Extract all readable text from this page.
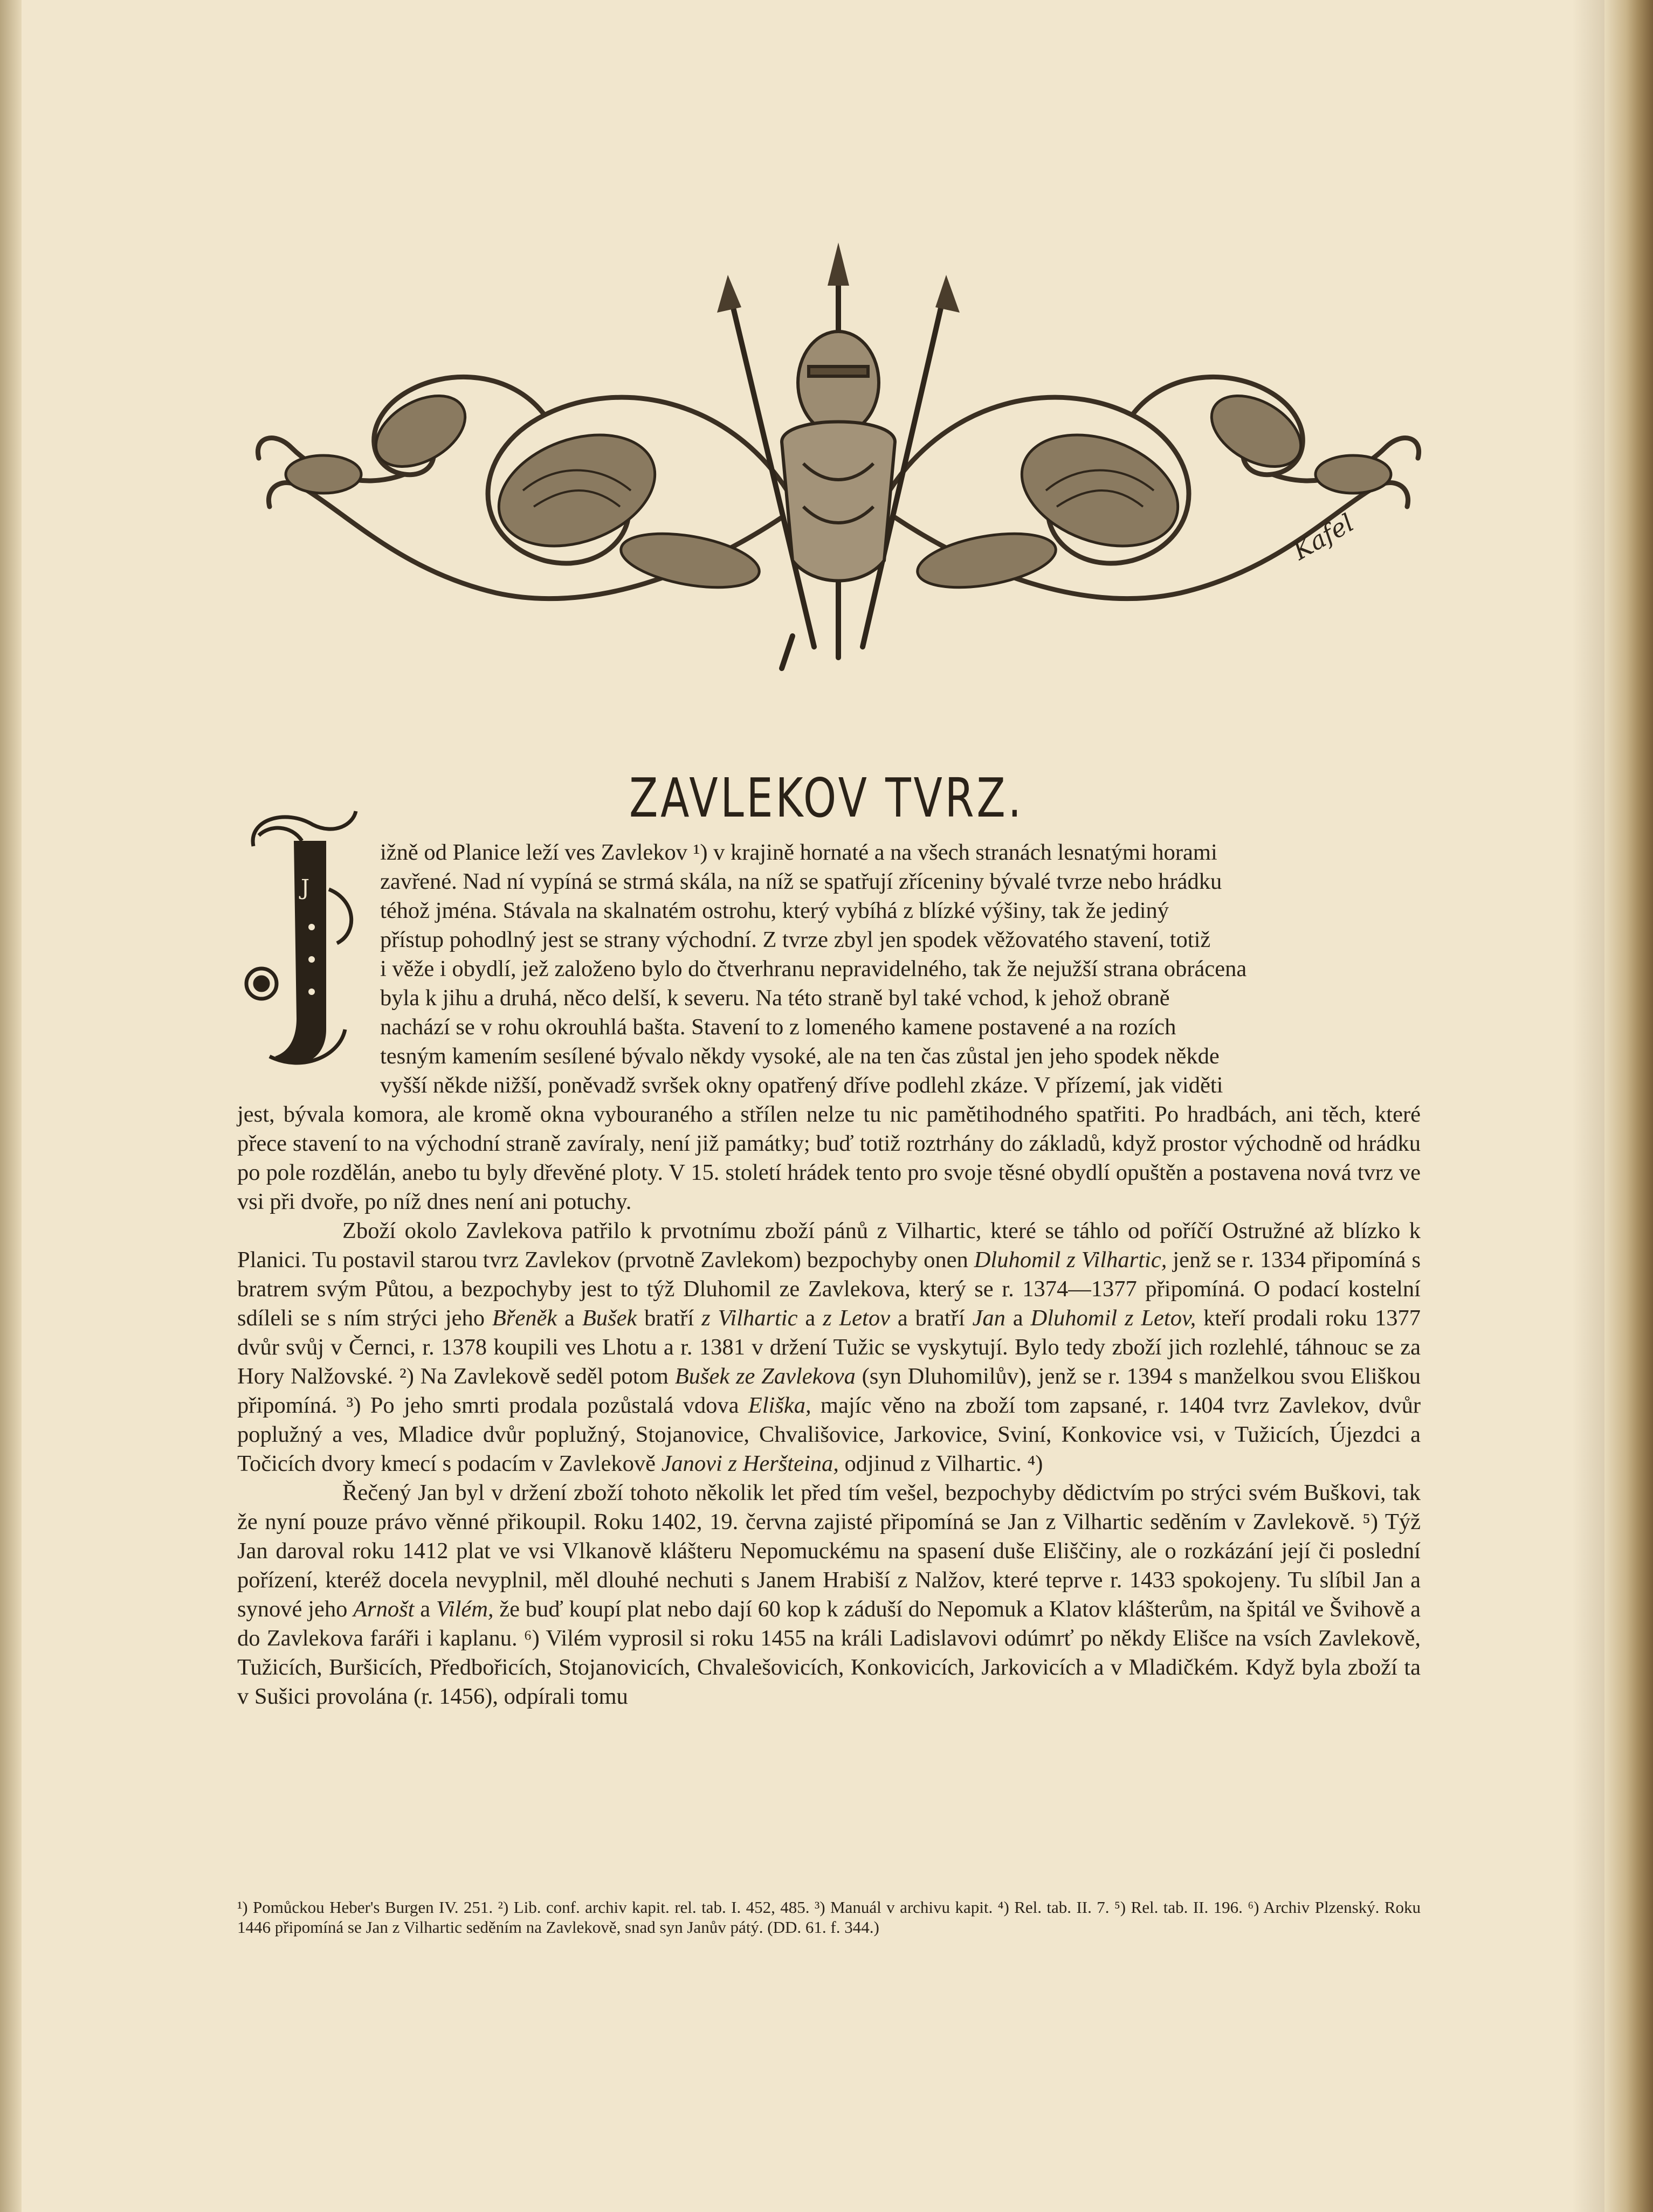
Kafel
ZAVLEKOV TVRZ.
J

ižně od Planice leží ves Zavlekov ¹) v krajině hornaté a na všech stranách lesnatými horami
zavřené. Nad ní vypíná se strmá skála, na níž se spatřují zříceniny bývalé tvrze nebo hrádku
téhož jména. Stávala na skalnatém ostrohu, který vybíhá z blízké výšiny, tak že jediný
přístup pohodlný jest se strany východní. Z tvrze zbyl jen spodek věžovatého stavení, totiž
i věže i obydlí, jež založeno bylo do čtverhranu nepravidelného, tak že nejužší strana obrácena
byla k jihu a druhá, něco delší, k severu. Na této straně byl také vchod, k jehož obraně
nachází se v rohu okrouhlá bašta. Stavení to z lomeného kamene postavené a na rozích
tesným kamením sesílené bývalo někdy vysoké, ale na ten čas zůstal jen jeho spodek někde
vyšší někde nižší, poněvadž svršek okny opatřený dříve podlehl zkáze. V přízemí, jak viděti
jest, bývala komora, ale kromě okna vybouraného a střílen nelze tu nic pamětihodného spatřiti. Po hradbách, ani těch, které přece stavení to na východní straně zavíraly, není již památky; buď totiž roztrhány do základů, když prostor východně od hrádku po pole rozdělán, anebo tu byly dřevěné ploty. V 15. století hrádek tento pro svoje těsné obydlí opuštěn a postavena nová tvrz ve vsi při dvoře, po níž dnes není ani potuchy.

Zboží okolo Zavlekova patřilo k prvotnímu zboží pánů z Vilhartic, které se táhlo od poříčí Ostružné až blízko k Planici. Tu postavil starou tvrz Zavlekov (prvotně Zavlekom) bezpochyby onen Dluhomil z Vilhartic, jenž se r. 1334 připomíná s bratrem svým Půtou, a bezpochyby jest to týž Dluhomil ze Zavlekova, který se r. 1374—1377 připomíná. O podací kostelní sdíleli se s ním strýci jeho Břeněk a Bušek bratří z Vilhartic a z Letov a bratří Jan a Dluhomil z Letov, kteří prodali roku 1377 dvůr svůj v Černci, r. 1378 koupili ves Lhotu a r. 1381 v držení Tužic se vyskytují. Bylo tedy zboží jich rozlehlé, táhnouc se za Hory Nalžovské. ²) Na Zavlekově seděl potom Bušek ze Zavlekova (syn Dluhomilův), jenž se r. 1394 s manželkou svou Eliškou připomíná. ³) Po jeho smrti prodala pozůstalá vdova Eliška, majíc věno na zboží tom zapsané, r. 1404 tvrz Zavlekov, dvůr poplužný a ves, Mladice dvůr poplužný, Stojanovice, Chvališovice, Jarkovice, Sviní, Konkovice vsi, v Tužicích, Újezdci a Točicích dvory kmecí s podacím v Zavlekově Janovi z Heršteina, odjinud z Vilhartic. ⁴)

Řečený Jan byl v držení zboží tohoto několik let před tím vešel, bezpochyby dědictvím po strýci svém Buškovi, tak že nyní pouze právo věnné přikoupil. Roku 1402, 19. června zajisté připomíná se Jan z Vilhartic seděním v Zavlekově. ⁵) Týž Jan daroval roku 1412 plat ve vsi Vlkanově klášteru Nepomuckému na spasení duše Eliščiny, ale o rozkázání její či poslední pořízení, kteréž docela nevyplnil, měl dlouhé nechuti s Janem Hrabiší z Nalžov, které teprve r. 1433 spokojeny. Tu slíbil Jan a synové jeho Arnošt a Vilém, že buď koupí plat nebo dají 60 kop k záduší do Nepomuk a Klatov klášterům, na špitál ve Švihově a do Zavlekova faráři i kaplanu. ⁶) Vilém vyprosil si roku 1455 na králi Ladislavovi odúmrť po někdy Elišce na vsích Zavlekově, Tužicích, Buršicích, Předbořicích, Stojanovicích, Chvalešovicích, Konkovicích, Jarkovicích a v Mladičkém. Když byla zboží ta v Sušici provolána (r. 1456), odpírali tomu

¹) Pomůckou Heber's Burgen IV. 251. ²) Lib. conf. archiv kapit. rel. tab. I. 452, 485. ³) Manuál v archivu kapit. ⁴) Rel. tab. II. 7. ⁵) Rel. tab. II. 196. ⁶) Archiv Plzenský. Roku 1446 připomíná se Jan z Vilhartic seděním na Zavlekově, snad syn Janův pátý. (DD. 61. f. 344.)
